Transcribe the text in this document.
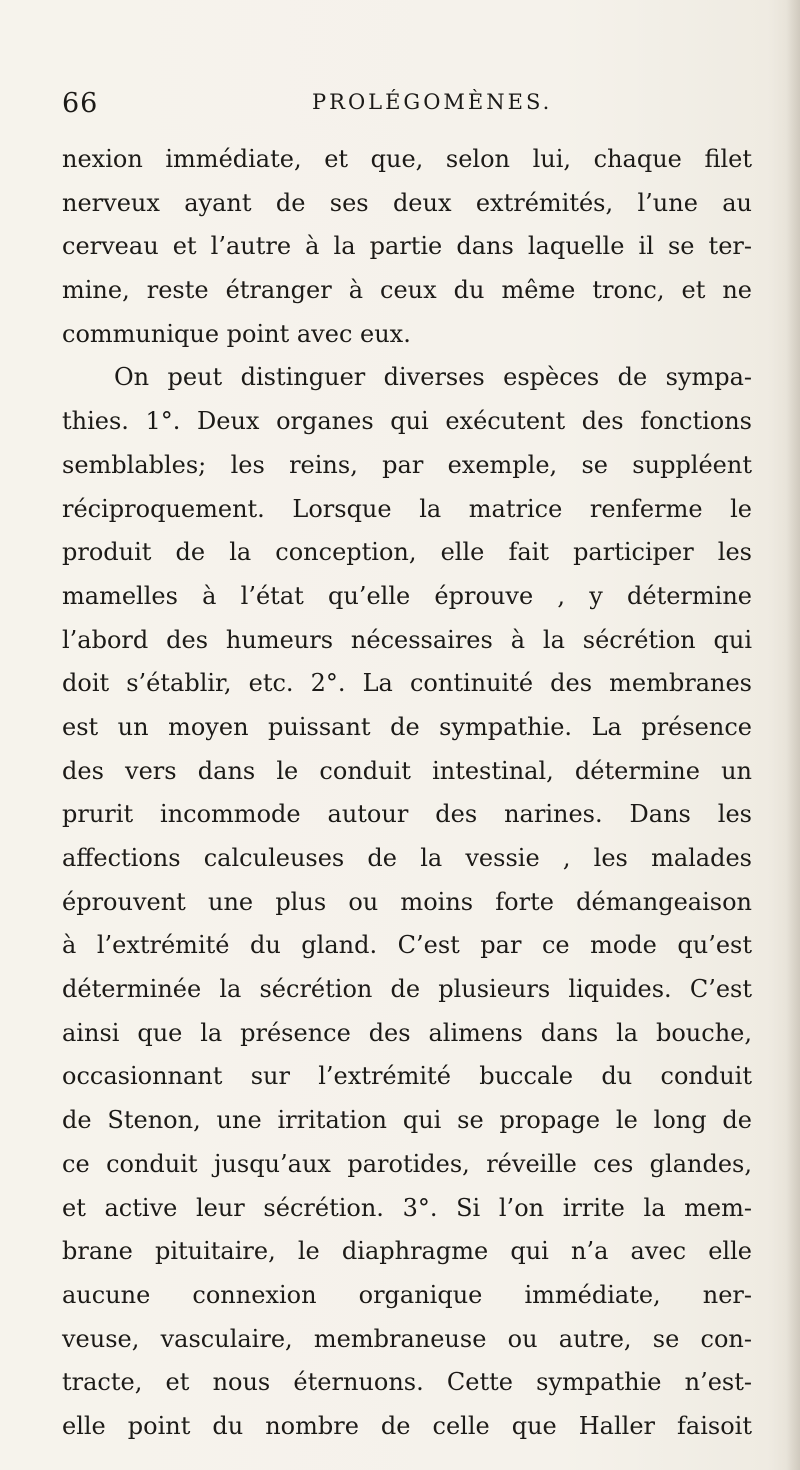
66	PROLÉGOMÈNES.
nexion immédiate, et que, selon lui, chaque filet
nerveux ayant de ses deux extrémités, l’une au
cerveau et l’autre à la partie dans laquelle il se ter-
mine, reste étranger à ceux du même tronc, et ne
communique point avec eux.
On peut distinguer diverses espèces de sympa-
thies. 1°. Deux organes qui exécutent des fonctions
semblables; les reins, par exemple, se suppléent
réciproquement. Lorsque la matrice renferme le
produit de la conception, elle fait participer les
mamelles à l’état qu’elle éprouve , y détermine
l’abord des humeurs nécessaires à la sécrétion qui
doit s’établir, etc. 2°. La continuité des membranes
est un moyen puissant de sympathie. La présence
des vers dans le conduit intestinal, détermine un
prurit incommode autour des narines. Dans les
affections calculeuses de la vessie , les malades
éprouvent une plus ou moins forte démangeaison
à l’extrémité du gland. C’est par ce mode qu’est
déterminée la sécrétion de plusieurs liquides. C’est
ainsi que la présence des alimens dans la bouche,
occasionnant sur l’extrémité buccale du conduit
de Stenon, une irritation qui se propage le long de
ce conduit jusqu’aux parotides, réveille ces glandes,
et active leur sécrétion. 3°. Si l’on irrite la mem-
brane pituitaire, le diaphragme qui n’a avec elle
aucune connexion organique immédiate, ner-
veuse, vasculaire, membraneuse ou autre, se con-
tracte, et nous éternuons. Cette sympathie n’est-
elle point du nombre de celle que Haller faisoit
